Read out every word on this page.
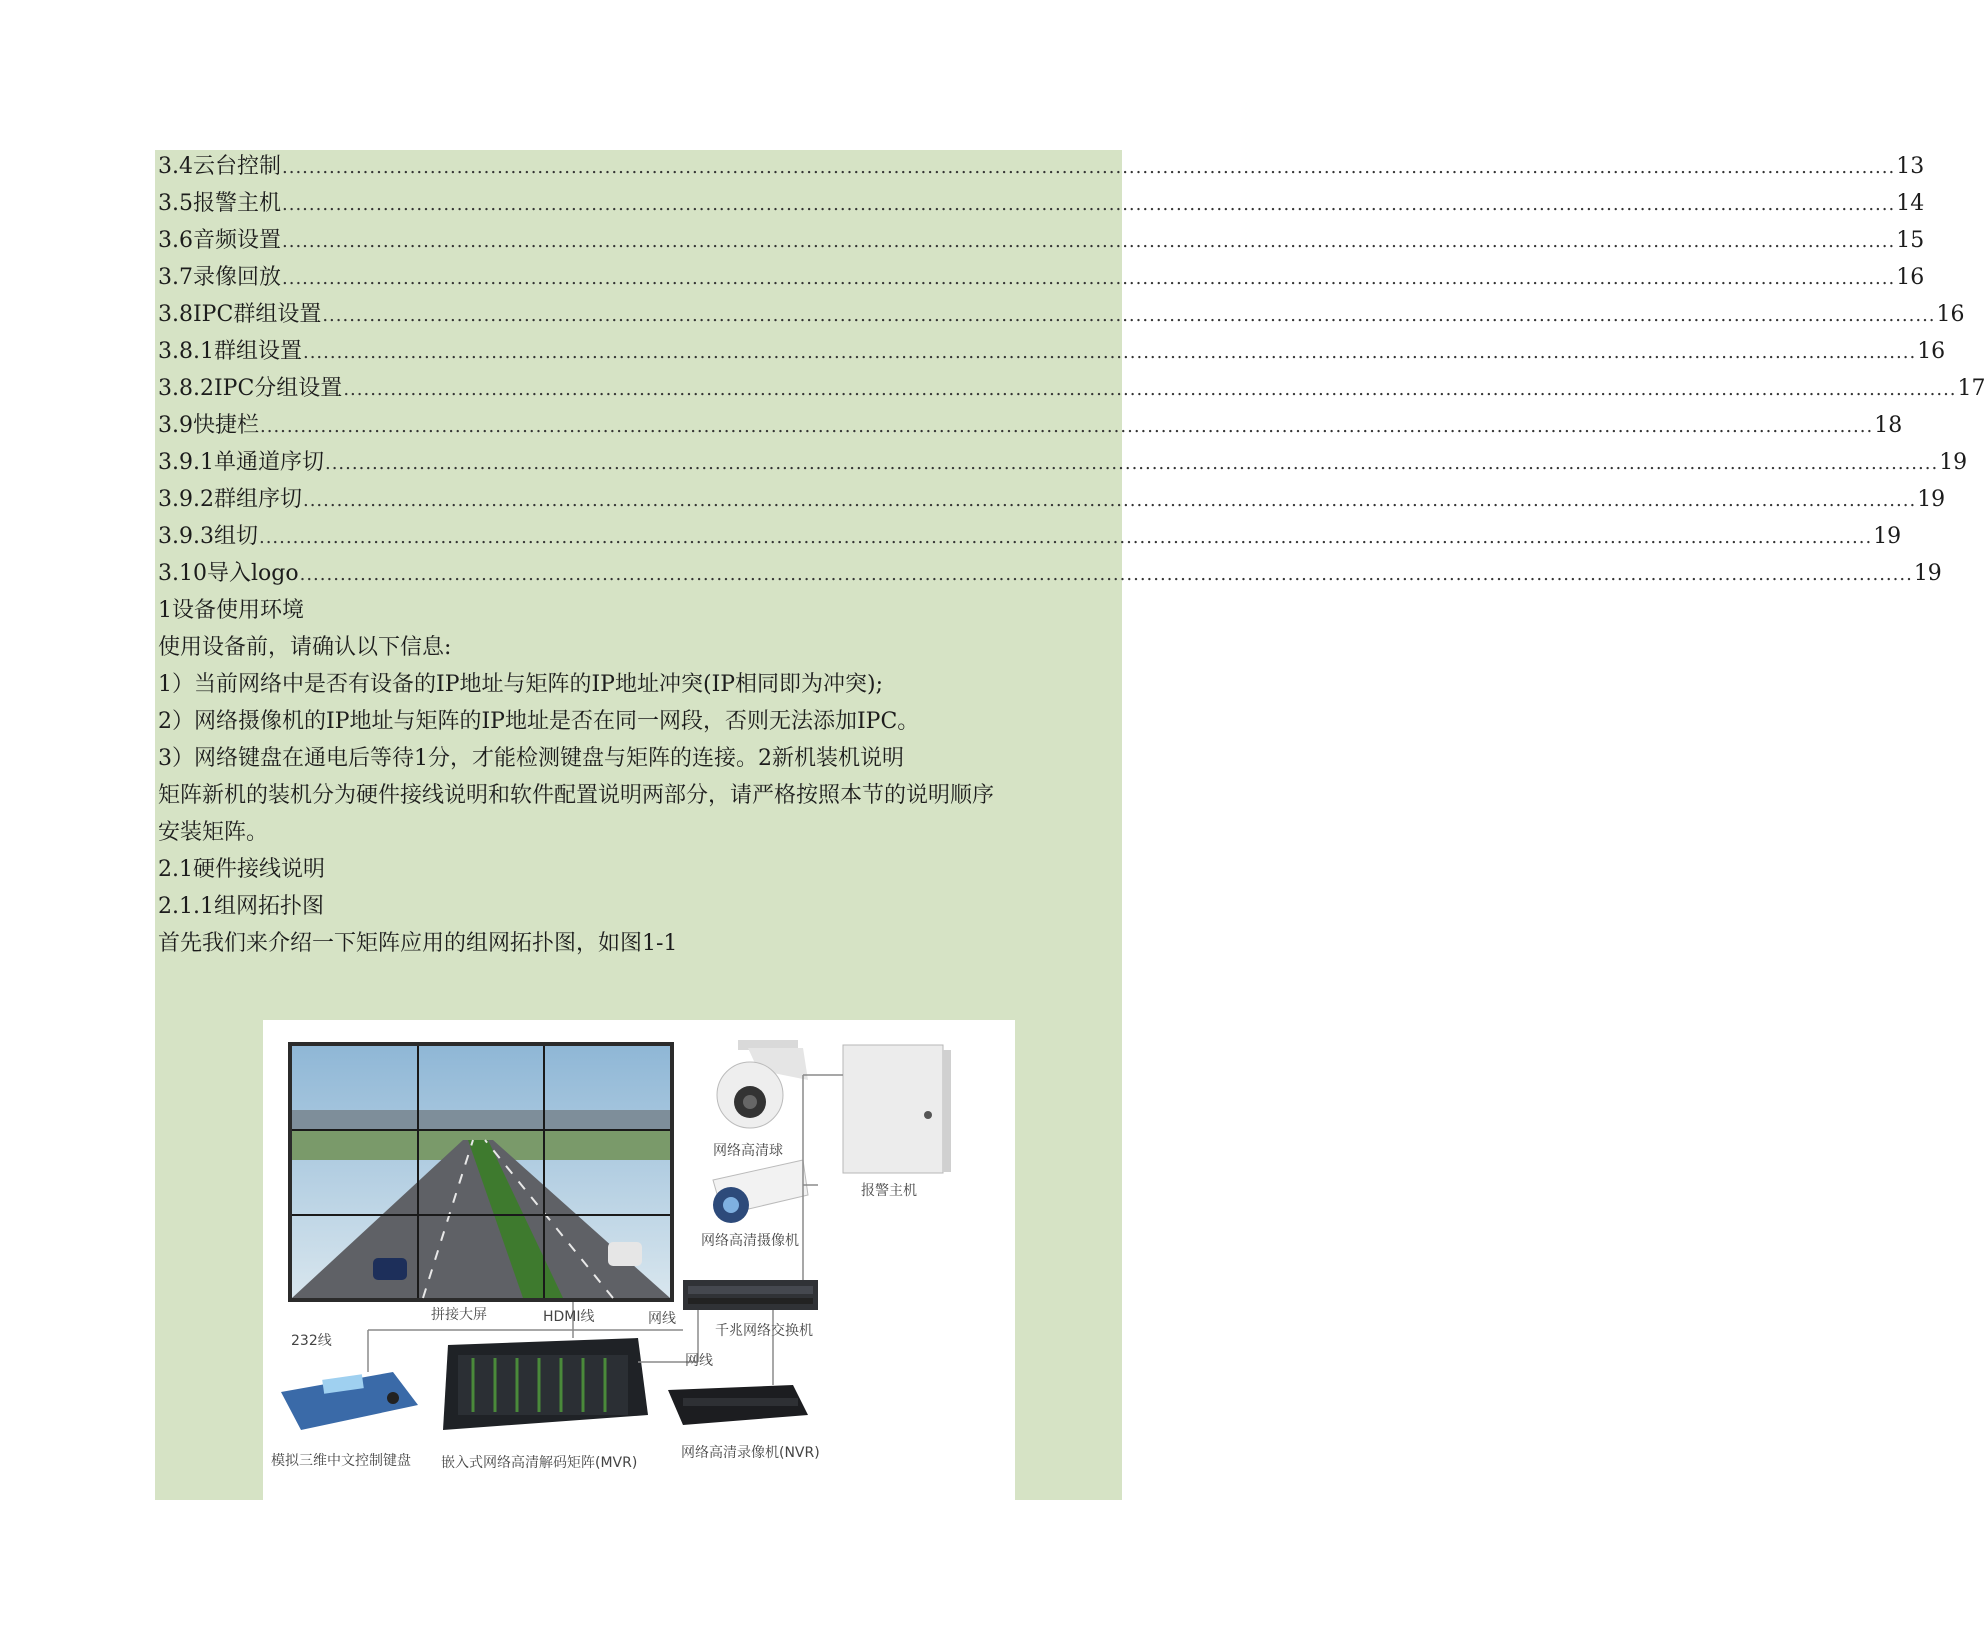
3.4云台控制 ................................................................................................................................................................................................................................................ 13
3.5报警主机 ................................................................................................................................................................................................................................................ 14
3.6音频设置 ................................................................................................................................................................................................................................................ 15
3.7录像回放 ................................................................................................................................................................................................................................................ 16
3.8IPC群组设置 ................................................................................................................................................................................................................................................ 16
3.8.1群组设置 ................................................................................................................................................................................................................................................ 16
3.8.2IPC分组设置 ................................................................................................................................................................................................................................................ 17
3.9快捷栏 ................................................................................................................................................................................................................................................ 18
3.9.1单通道序切 ................................................................................................................................................................................................................................................ 19
3.9.2群组序切 ................................................................................................................................................................................................................................................ 19
3.9.3组切 ................................................................................................................................................................................................................................................ 19
3.10导入logo ................................................................................................................................................................................................................................................ 19
1设备使用环境
使用设备前，请确认以下信息:
1）当前网络中是否有设备的IP地址与矩阵的IP地址冲突(IP相同即为冲突);
2）网络摄像机的IP地址与矩阵的IP地址是否在同一网段，否则无法添加IPC。
3）网络键盘在通电后等待1分，才能检测键盘与矩阵的连接。2新机装机说明
矩阵新机的装机分为硬件接线说明和软件配置说明两部分，请严格按照本节的说明顺序
安装矩阵。
2.1硬件接线说明
2.1.1组网拓扑图
首先我们来介绍一下矩阵应用的组网拓扑图，如图1-1
拼接大屏	HDMI线	网线
网线
232线
网络高清球
网络高清摄像机
报警主机
千兆网络交换机
模拟三维中文控制键盘 嵌入式网络高清解码矩阵(MVR)
网络高清录像机(NVR)
